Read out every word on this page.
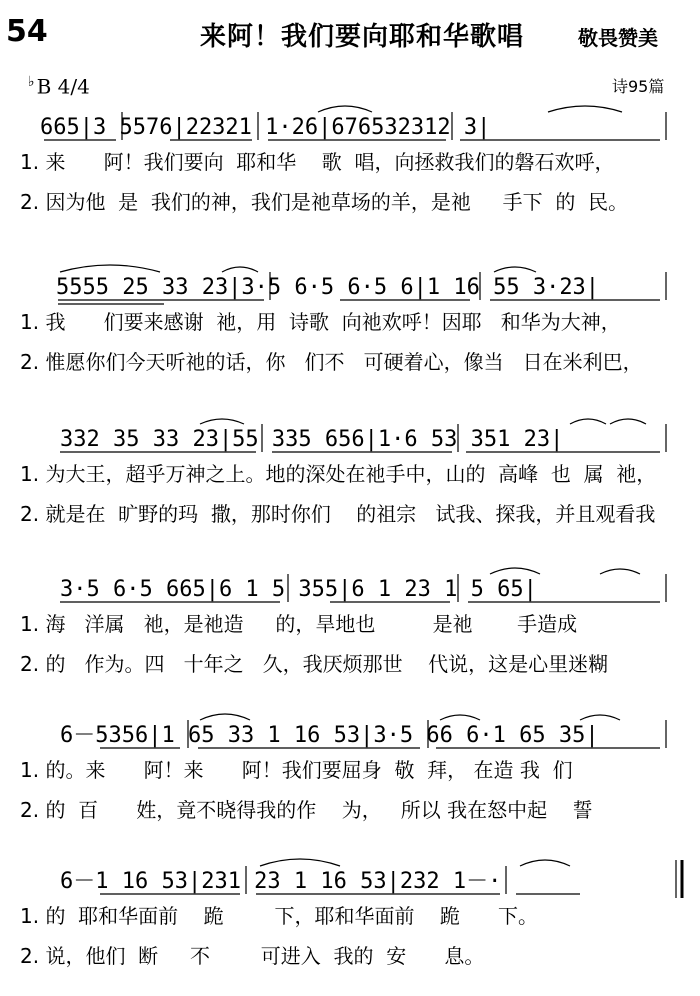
54	来阿！我们要向耶和华歌唱	敬畏赞美
♭ B 4/4	诗95篇
665|3 5576|22321 1·26|676532312 3|
1. 来      阿！我们要向  耶和华    歌  唱，向拯救我们的磐石欢呼，
2. 因为他  是  我们的神，我们是祂草场的羊，是祂     手下  的  民。
5555 25 33 23|3·5 6·5 6·5 6|1 16 55 3·23|
1. 我      们要来感谢  祂，用  诗歌  向祂欢呼！因耶   和华为大神，
2. 惟愿你们今天听祂的话，你   们不   可硬着心，像当   日在米利巴，
332 35 33 23|55 335 656|1·6 53 351 23|
1. 为大王，超乎万神之上。地的深处在祂手中，山的  高峰  也  属  祂，
2. 就是在  旷野的玛  撒，那时你们    的祖宗   试我、探我，并且观看我
3·5 6·5 665|6 1 5 355|6 1 23 1 5 65|
1. 海   洋属   祂，是祂造     的，旱地也         是祂       手造成
2. 的   作为。四   十年之   久，我厌烦那世    代说，这是心里迷糊
6－5356|1 65 33 1 16 53|3·5 66 6·1 65 35|
1. 的。来      阿！来      阿！我们要屈身  敬  拜， 在造 我  们
2. 的  百      姓，竟不晓得我的作    为，   所以 我在怒中起    誓
6－1 16 53|231 23 1 16 53|232 1－·
1. 的  耶和华面前    跪        下，耶和华面前    跪      下。
2. 说，他们  断     不        可进入  我的  安      息。
